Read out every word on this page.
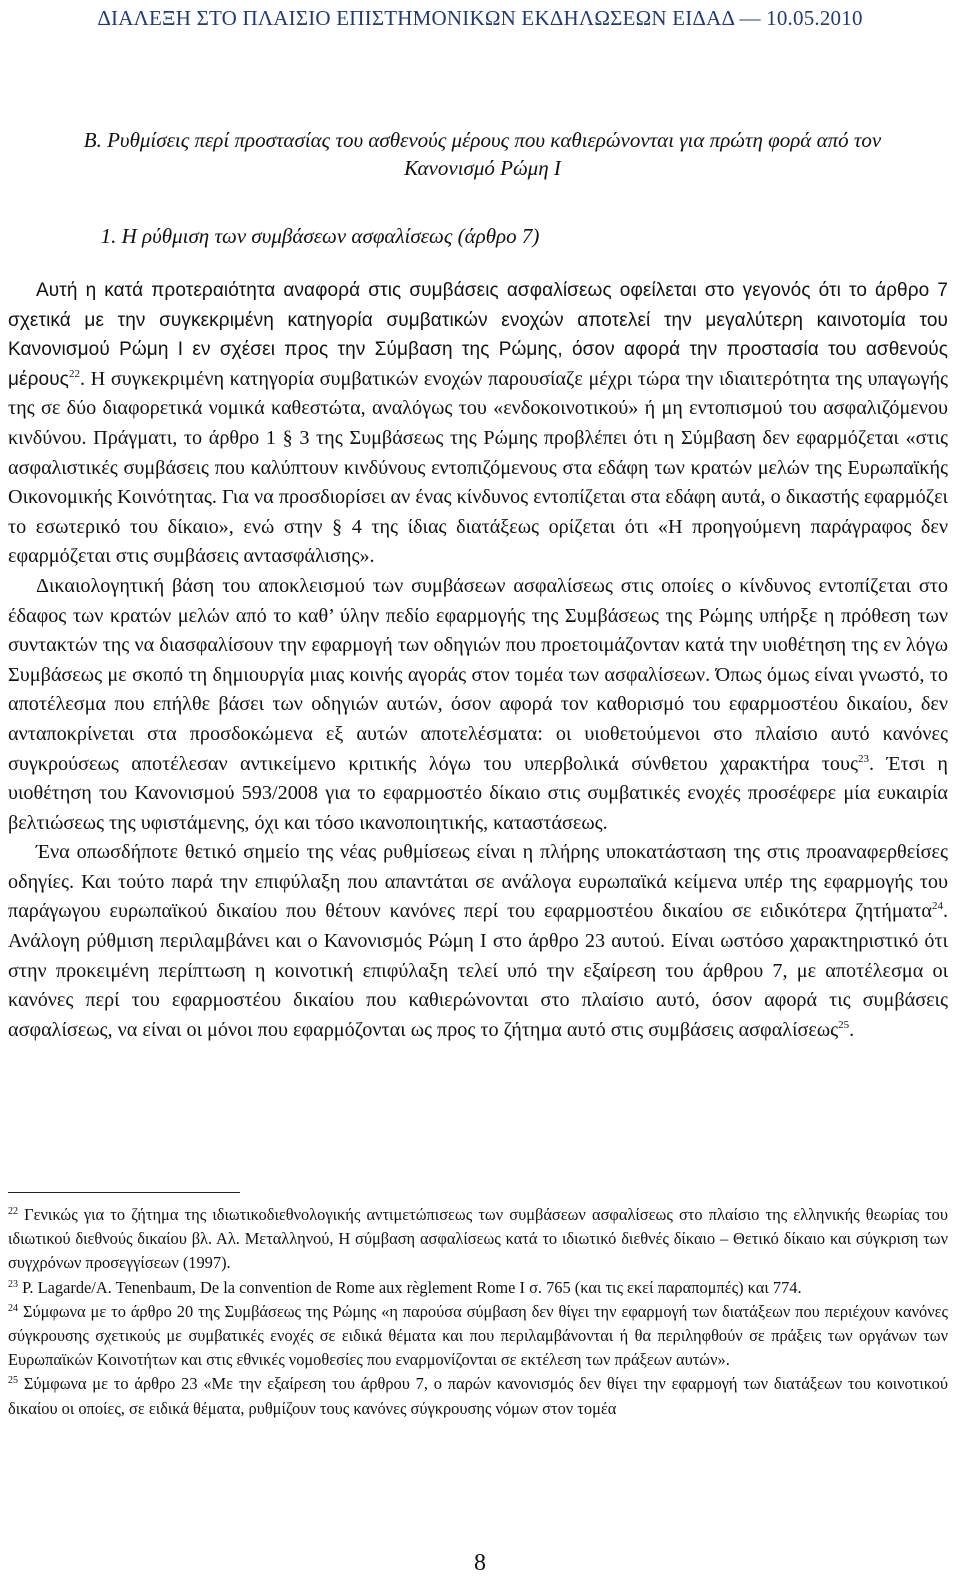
ΔΙΑΛΕΞΗ ΣΤΟ ΠΛΑΙΣΙΟ ΕΠΙΣΤΗΜΟΝΙΚΩΝ ΕΚΔΗΛΩΣΕΩΝ ΕΙΔΑΔ — 10.05.2010
Β. Ρυθμίσεις περί προστασίας του ασθενούς μέρους που καθιερώνονται για πρώτη φορά από τον Κανονισμό Ρώμη Ι
1. Η ρύθμιση των συμβάσεων ασφαλίσεως (άρθρο 7)

Αυτή η κατά προτεραιότητα αναφορά στις συμβάσεις ασφαλίσεως οφείλεται στο γεγονός ότι το άρθρο 7 σχετικά με την συγκεκριμένη κατηγορία συμβατικών ενοχών αποτελεί την μεγαλύτερη καινοτομία του Κανονισμού Ρώμη Ι εν σχέσει προς την Σύμβαση της Ρώμης, όσον αφορά την προστασία του ασθενούς μέρους$^{22}$. Η συγκεκριμένη κατηγορία συμβατικών ενοχών παρουσίαζε μέχρι τώρα την ιδιαιτερότητα της υπαγωγής της σε δύο διαφορετικά νομικά καθεστώτα, αναλόγως του «ενδοκοινοτικού» ή μη εντοπισμού του ασφαλιζόμενου κινδύνου. Πράγματι, το άρθρο 1 § 3 της Συμβάσεως της Ρώμης προβλέπει ότι η Σύμβαση δεν εφαρμόζεται «στις ασφαλιστικές συμβάσεις που καλύπτουν κινδύνους εντοπιζόμενους στα εδάφη των κρατών μελών της Ευρωπαϊκής Οικονομικής Κοινότητας. Για να προσδιορίσει αν ένας κίνδυνος εντοπίζεται στα εδάφη αυτά, ο δικαστής εφαρμόζει το εσωτερικό του δίκαιο», ενώ στην § 4 της ίδιας διατάξεως ορίζεται ότι «Η προηγούμενη παράγραφος δεν εφαρμόζεται στις συμβάσεις αντασφάλισης».

Δικαιολογητική βάση του αποκλεισμού των συμβάσεων ασφαλίσεως στις οποίες ο κίνδυνος εντοπίζεται στο έδαφος των κρατών μελών από το καθ’ ύλην πεδίο εφαρμογής της Συμβάσεως της Ρώμης υπήρξε η πρόθεση των συντακτών της να διασφαλίσουν την εφαρμογή των οδηγιών που προετοιμάζονταν κατά την υιοθέτηση της εν λόγω Συμβάσεως με σκοπό τη δημιουργία μιας κοινής αγοράς στον τομέα των ασφαλίσεων. Όπως όμως είναι γνωστό, το αποτέλεσμα που επήλθε βάσει των οδηγιών αυτών, όσον αφορά τον καθορισμό του εφαρμοστέου δικαίου, δεν ανταποκρίνεται στα προσδοκώμενα εξ αυτών αποτελέσματα: οι υιοθετούμενοι στο πλαίσιο αυτό κανόνες συγκρούσεως αποτέλεσαν αντικείμενο κριτικής λόγω του υπερβολικά σύνθετου χαρακτήρα τους$^{23}$. Έτσι η υιοθέτηση του Κανονισμού 593/2008 για το εφαρμοστέο δίκαιο στις συμβατικές ενοχές προσέφερε μία ευκαιρία βελτιώσεως της υφιστάμενης, όχι και τόσο ικανοποιητικής, καταστάσεως.

Ένα οπωσδήποτε θετικό σημείο της νέας ρυθμίσεως είναι η πλήρης υποκατάσταση της στις προαναφερθείσες οδηγίες. Και τούτο παρά την επιφύλαξη που απαντάται σε ανάλογα ευρωπαϊκά κείμενα υπέρ της εφαρμογής του παράγωγου ευρωπαϊκού δικαίου που θέτουν κανόνες περί του εφαρμοστέου δικαίου σε ειδικότερα ζητήματα$^{24}$. Ανάλογη ρύθμιση περιλαμβάνει και ο Κανονισμός Ρώμη Ι στο άρθρο 23 αυτού. Είναι ωστόσο χαρακτηριστικό ότι στην προκειμένη περίπτωση η κοινοτική επιφύλαξη τελεί υπό την εξαίρεση του άρθρου 7, με αποτέλεσμα οι κανόνες περί του εφαρμοστέου δικαίου που καθιερώνονται στο πλαίσιο αυτό, όσον αφορά τις συμβάσεις ασφαλίσεως, να είναι οι μόνοι που εφαρμόζονται ως προς το ζήτημα αυτό στις συμβάσεις ασφαλίσεως$^{25}$.

$^{22}$ Γενικώς για το ζήτημα της ιδιωτικοδιεθνολογικής αντιμετώπισεως των συμβάσεων ασφαλίσεως στο πλαίσιο της ελληνικής θεωρίας του ιδιωτικού διεθνούς δικαίου βλ. Αλ. Μεταλληνού, Η σύμβαση ασφαλίσεως κατά το ιδιωτικό διεθνές δίκαιο – Θετικό δίκαιο και σύγκριση των συγχρόνων προσεγγίσεων (1997).

$^{23}$ P. Lagarde/A. Tenenbaum, De la convention de Rome aux règlement Rome I σ. 765 (και τις εκεί παραπομπές) και 774.

$^{24}$ Σύμφωνα με το άρθρο 20 της Συμβάσεως της Ρώμης «η παρούσα σύμβαση δεν θίγει την εφαρμογή των διατάξεων που περιέχουν κανόνες σύγκρουσης σχετικούς με συμβατικές ενοχές σε ειδικά θέματα και που περιλαμβάνονται ή θα περιληφθούν σε πράξεις των οργάνων των Ευρωπαϊκών Κοινοτήτων και στις εθνικές νομοθεσίες που εναρμονίζονται σε εκτέλεση των πράξεων αυτών».

$^{25}$ Σύμφωνα με το άρθρο 23 «Με την εξαίρεση του άρθρου 7, ο παρών κανονισμός δεν θίγει την εφαρμογή των διατάξεων του κοινοτικού δικαίου οι οποίες, σε ειδικά θέματα, ρυθμίζουν τους κανόνες σύγκρουσης νόμων στον τομέα

8
